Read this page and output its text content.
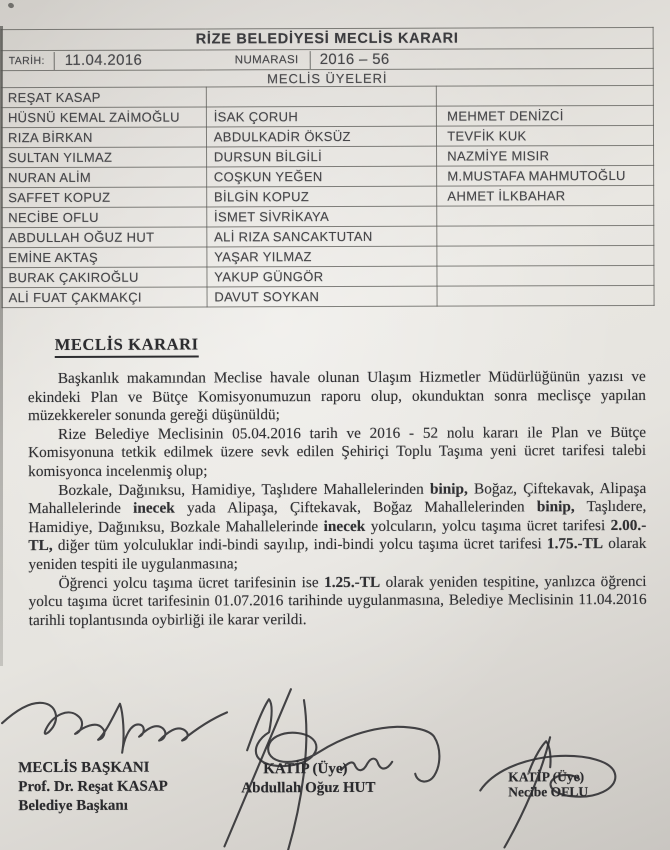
RİZE BELEDİYESİ MECLİS KARARI		

TARİH: 11.04.2016 NUMARASI 2016 – 56		

MECLİS ÜYELERİ		
REŞAT KASAP		
HÜSNÜ KEMAL ZAİMOĞLU	İSAK ÇORUH	MEHMET DENİZCİ
RIZA BİRKAN	ABDULKADİR ÖKSÜZ	TEVFİK KUK
SULTAN YILMAZ	DURSUN BİLGİLİ	NAZMİYE MISIR
NURAN ALİM	COŞKUN YEĞEN	M.MUSTAFA MAHMUTOĞLU
SAFFET KOPUZ	BİLGİN KOPUZ	AHMET İLKBAHAR
NECİBE OFLU	İSMET SİVRİKAYA	
ABDULLAH OĞUZ HUT	ALİ RIZA SANCAKTUTAN	
EMİNE AKTAŞ	YAŞAR YILMAZ	
BURAK ÇAKIROĞLU	YAKUP GÜNGÖR	
ALİ FUAT ÇAKMAKÇI	DAVUT SOYKAN	
MECLİS KARARI

Başkanlık makamından Meclise havale olunan Ulaşım Hizmetler Müdürlüğünün yazısı ve ekindeki Plan ve Bütçe Komisyonumuzun raporu olup, okunduktan sonra meclisçe yapılan müzekkereler sonunda gereği düşünüldü;

Rize Belediye Meclisinin 05.04.2016 tarih ve 2016 - 52 nolu kararı ile Plan ve Bütçe Komisyonuna tetkik edilmek üzere sevk edilen Şehiriçi Toplu Taşıma yeni ücret tarifesi talebi komisyonca incelenmiş olup;

Bozkale, Dağınıksu, Hamidiye, Taşlıdere Mahallelerinden binip, Boğaz, Çiftekavak, Alipaşa Mahallelerinde inecek yada Alipaşa, Çiftekavak, Boğaz Mahallelerinden binip, Taşlıdere, Hamidiye, Dağınıksu, Bozkale Mahallelerinde inecek yolcuların, yolcu taşıma ücret tarifesi 2.00.-TL, diğer tüm yolculuklar indi-bindi sayılıp, indi-bindi yolcu taşıma ücret tarifesi 1.75.-TL olarak yeniden tespiti ile uygulanmasına;

Öğrenci yolcu taşıma ücret tarifesinin ise 1.25.-TL olarak yeniden tespitine, yanlızca öğrenci yolcu taşıma ücret tarifesinin 01.07.2016 tarihinde uygulanmasına, Belediye Meclisinin 11.04.2016 tarihli toplantısında oybirliği ile karar verildi.

MECLİS BAŞKANI
Prof. Dr. Reşat KASAP
Belediye Başkanı
KATİP (Üye)
Abdullah Oğuz HUT
KATİP (Üye)
Necibe OFLU
